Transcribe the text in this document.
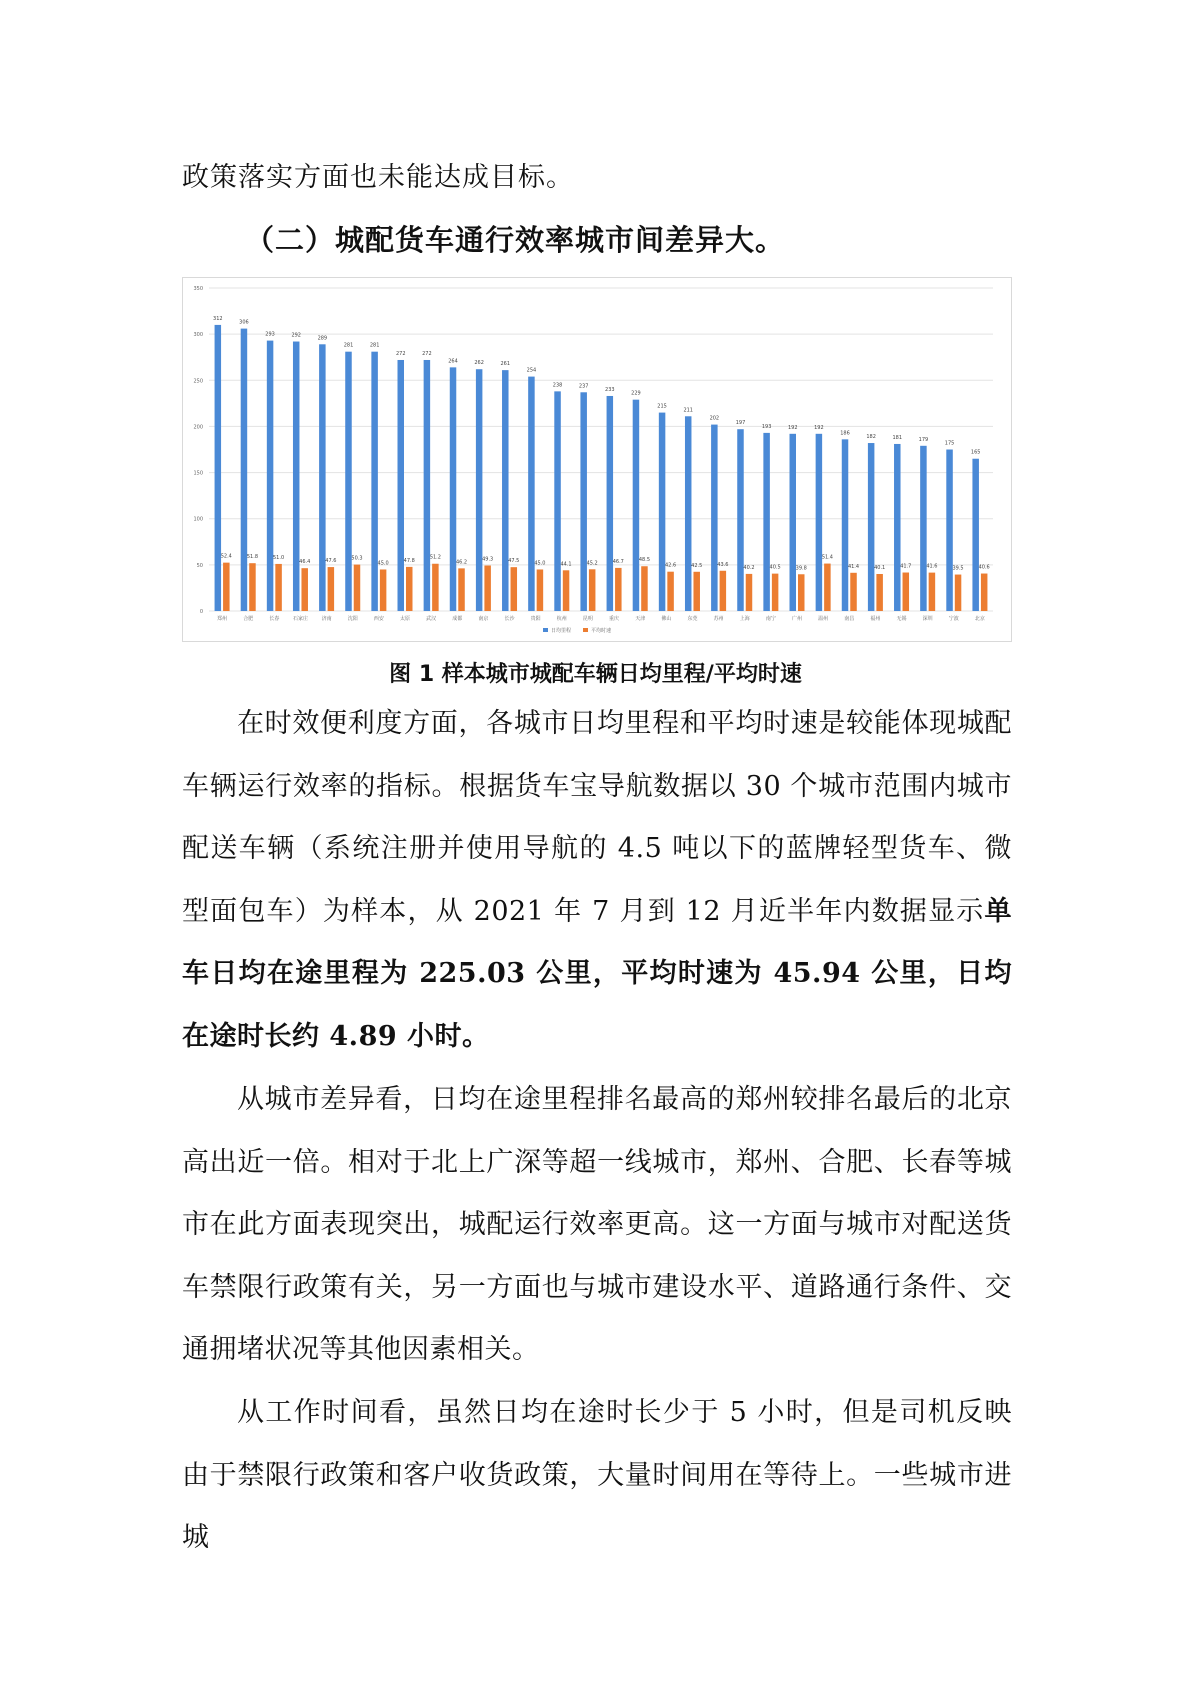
政策落实方面也未能达成目标。
（二）城配货车通行效率城市间差异大。
0
50
100
150
200
250
300
350
312
52.4
郑州
306
51.8
合肥
293
51.0
长春
292
46.4
石家庄
289
47.6
济南
281
50.3
沈阳
281
45.0
西安
272
47.8
太原
272
51.2
武汉
264
46.2
成都
262
49.3
南京
261
47.5
长沙
254
45.0
贵阳
238
44.1
杭州
237
45.2
昆明
233
46.7
重庆
229
48.5
天津
215
42.6
佛山
211
42.5
东莞
202
43.6
苏州
197
40.2
上海
193
40.5
南宁
192
39.8
广州
192
51.4
温州
186
41.4
南昌
182
40.1
福州
181
41.7
无锡
179
41.6
深圳
175
39.5
宁波
165
40.6
北京
日均里程	平均时速
图 1 样本城市城配车辆日均里程/平均时速
在时效便利度方面，各城市日均里程和平均时速是较能体现城配车辆运行效率的指标。根据货车宝导航数据以 30 个城市范围内城市配送车辆（系统注册并使用导航的 4.5 吨以下的蓝牌轻型货车、微型面包车）为样本，从 2021 年 7 月到 12 月近半年内数据显示单车日均在途里程为 225.03 公里，平均时速为 45.94 公里，日均在途时长约 4.89 小时。
从城市差异看，日均在途里程排名最高的郑州较排名最后的北京高出近一倍。相对于北上广深等超一线城市，郑州、合肥、长春等城市在此方面表现突出，城配运行效率更高。这一方面与城市对配送货车禁限行政策有关，另一方面也与城市建设水平、道路通行条件、交通拥堵状况等其他因素相关。
从工作时间看，虽然日均在途时长少于 5 小时，但是司机反映由于禁限行政策和客户收货政策，大量时间用在等待上。一些城市进城
